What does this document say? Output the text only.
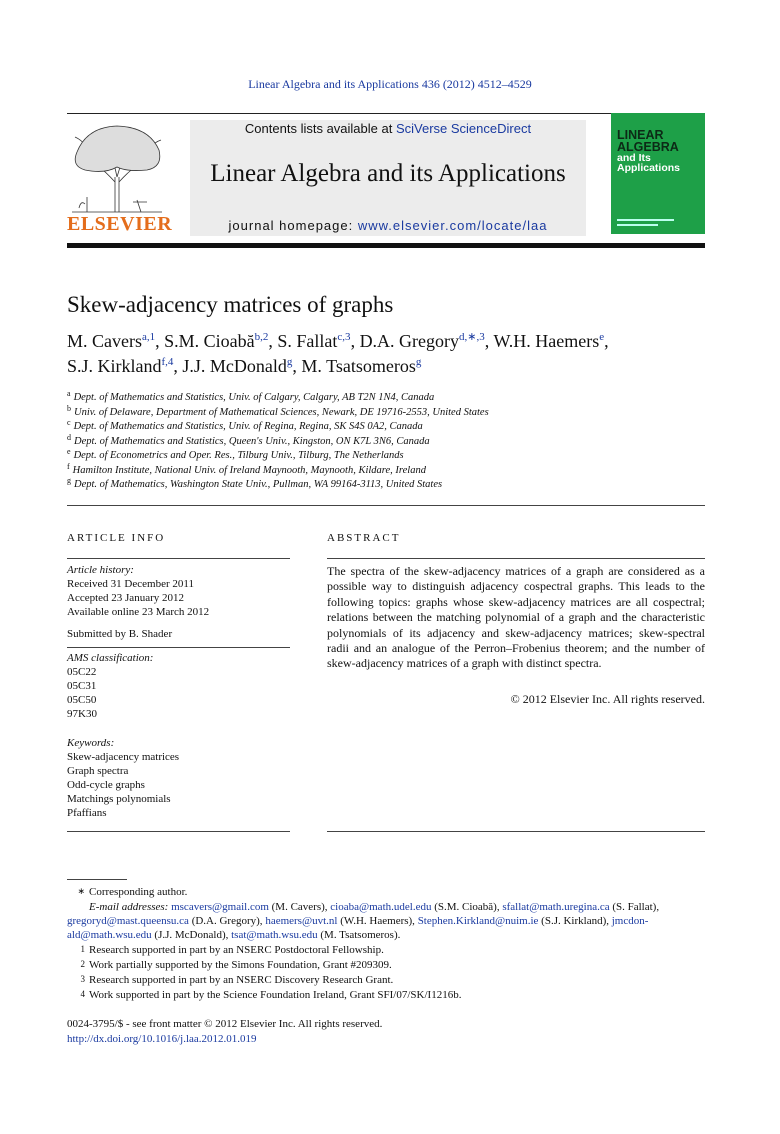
Linear Algebra and its Applications 436 (2012) 4512–4529
ELSEVIER
Contents lists available at SciVerse ScienceDirect
Linear Algebra and its Applications
journal homepage: www.elsevier.com/locate/laa
LINEAR
ALGEBRA
and Its
Applications
Skew-adjacency matrices of graphs
M. Cavers$^{a,1}$, S.M. Cioabă$^{b,2}$, S. Fallat$^{c,3}$, D.A. Gregory$^{d,∗,3}$, W.H. Haemers$^e$,
S.J. Kirkland$^{f,4}$, J.J. McDonald$^g$, M. Tsatsomeros$^g$
$^a$ Dept. of Mathematics and Statistics, Univ. of Calgary, Calgary, AB T2N 1N4, Canada
$^b$ Univ. of Delaware, Department of Mathematical Sciences, Newark, DE 19716-2553, United States
$^c$ Dept. of Mathematics and Statistics, Univ. of Regina, Regina, SK S4S 0A2, Canada
$^d$ Dept. of Mathematics and Statistics, Queen's Univ., Kingston, ON K7L 3N6, Canada
$^e$ Dept. of Econometrics and Oper. Res., Tilburg Univ., Tilburg, The Netherlands
$^f$ Hamilton Institute, National Univ. of Ireland Maynooth, Maynooth, Kildare, Ireland
$^g$ Dept. of Mathematics, Washington State Univ., Pullman, WA 99164-3113, United States
ARTICLE INFO
Article history:
Received 31 December 2011
Accepted 23 January 2012
Available online 23 March 2012
Submitted by B. Shader
AMS classification:
05C22
05C31
05C50
97K30
Keywords:
Skew-adjacency matrices
Graph spectra
Odd-cycle graphs
Matchings polynomials
Pfaffians
ABSTRACT
The spectra of the skew-adjacency matrices of a graph are considered as a possible way to distinguish adjacency cospectral graphs. This leads to the following topics: graphs whose skew-adjacency matrices are all cospectral; relations between the matching polynomial of a graph and the characteristic polynomials of its adjacency and skew-adjacency matrices; skew-spectral radii and an analogue of the Perron–Frobenius theorem; and the number of skew-adjacency matrices of a graph with distinct spectra.
© 2012 Elsevier Inc. All rights reserved.
∗ Corresponding author.
E-mail addresses: mscavers@gmail.com (M. Cavers), cioaba@math.udel.edu (S.M. Cioabă), sfallat@math.uregina.ca (S. Fallat),
gregoryd@mast.queensu.ca (D.A. Gregory), haemers@uvt.nl (W.H. Haemers), Stephen.Kirkland@nuim.ie (S.J. Kirkland), jmcdon-
ald@math.wsu.edu (J.J. McDonald), tsat@math.wsu.edu (M. Tsatsomeros).
1 Research supported in part by an NSERC Postdoctoral Fellowship.
2 Work partially supported by the Simons Foundation, Grant #209309.
3 Research supported in part by an NSERC Discovery Research Grant.
4 Work supported in part by the Science Foundation Ireland, Grant SFI/07/SK/I1216b.
0024-3795/$ - see front matter © 2012 Elsevier Inc. All rights reserved.
http://dx.doi.org/10.1016/j.laa.2012.01.019
